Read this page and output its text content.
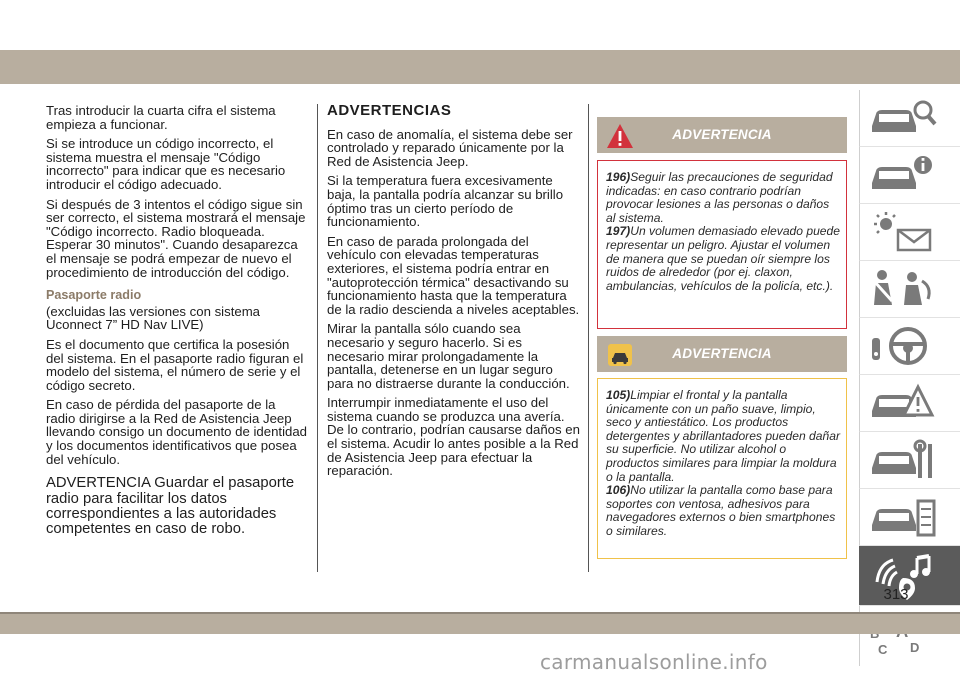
Tras introducir la cuarta cifra el sistema empieza a funcionar.

Si se introduce un código incorrecto, el sistema muestra el mensaje "Código incorrecto" para indicar que es necesario introducir el código adecuado.

Si después de 3 intentos el código sigue sin ser correcto, el sistema mostrará el mensaje "Código incorrecto. Radio bloqueada. Esperar 30 minutos". Cuando desaparezca el mensaje se podrá empezar de nuevo el procedimiento de introducción del código.

Pasaporte radio

(excluidas las versiones con sistema Uconnect 7” HD Nav LIVE)

Es el documento que certifica la posesión del sistema. En el pasaporte radio figuran el modelo del sistema, el número de serie y el código secreto.

En caso de pérdida del pasaporte de la radio dirigirse a la Red de Asistencia Jeep llevando consigo un documento de identidad y los documentos identificativos que posea del vehículo.

ADVERTENCIA Guardar el pasaporte radio para facilitar los datos correspondientes a las autoridades competentes en caso de robo.

ADVERTENCIAS

En caso de anomalía, el sistema debe ser controlado y reparado únicamente por la Red de Asistencia Jeep.

Si la temperatura fuera excesivamente baja, la pantalla podría alcanzar su brillo óptimo tras un cierto período de funcionamiento.

En caso de parada prolongada del vehículo con elevadas temperaturas exteriores, el sistema podría entrar en "autoprotección térmica" desactivando su funcionamiento hasta que la temperatura de la radio descienda a niveles aceptables.

Mirar la pantalla sólo cuando sea necesario y seguro hacerlo. Si es necesario mirar prolongadamente la pantalla, detenerse en un lugar seguro para no distraerse durante la conducción.

Interrumpir inmediatamente el uso del sistema cuando se produzca una avería. De lo contrario, podrían causarse daños en el sistema. Acudir lo antes posible a la Red de Asistencia Jeep para efectuar la reparación.

ADVERTENCIA
196)Seguir las precauciones de seguridad indicadas: en caso contrario podrían provocar lesiones a las personas o daños al sistema.
197)Un volumen demasiado elevado puede representar un peligro. Ajustar el volumen de manera que se puedan oír siempre los ruidos de alrededor (por ej. claxon, ambulancias, vehículos de la policía, etc.).
ADVERTENCIA
105)Limpiar el frontal y la pantalla únicamente con un paño suave, limpio, seco y antiestático. Los productos detergentes y abrillantadores pueden dañar su superficie. No utilizar alcohol o productos similares para limpiar la moldura o la pantalla.
106)No utilizar la pantalla como base para soportes con ventosa, adhesivos para navegadores externos o bien smartphones o similares.
C D
313
carmanualsonline.info
